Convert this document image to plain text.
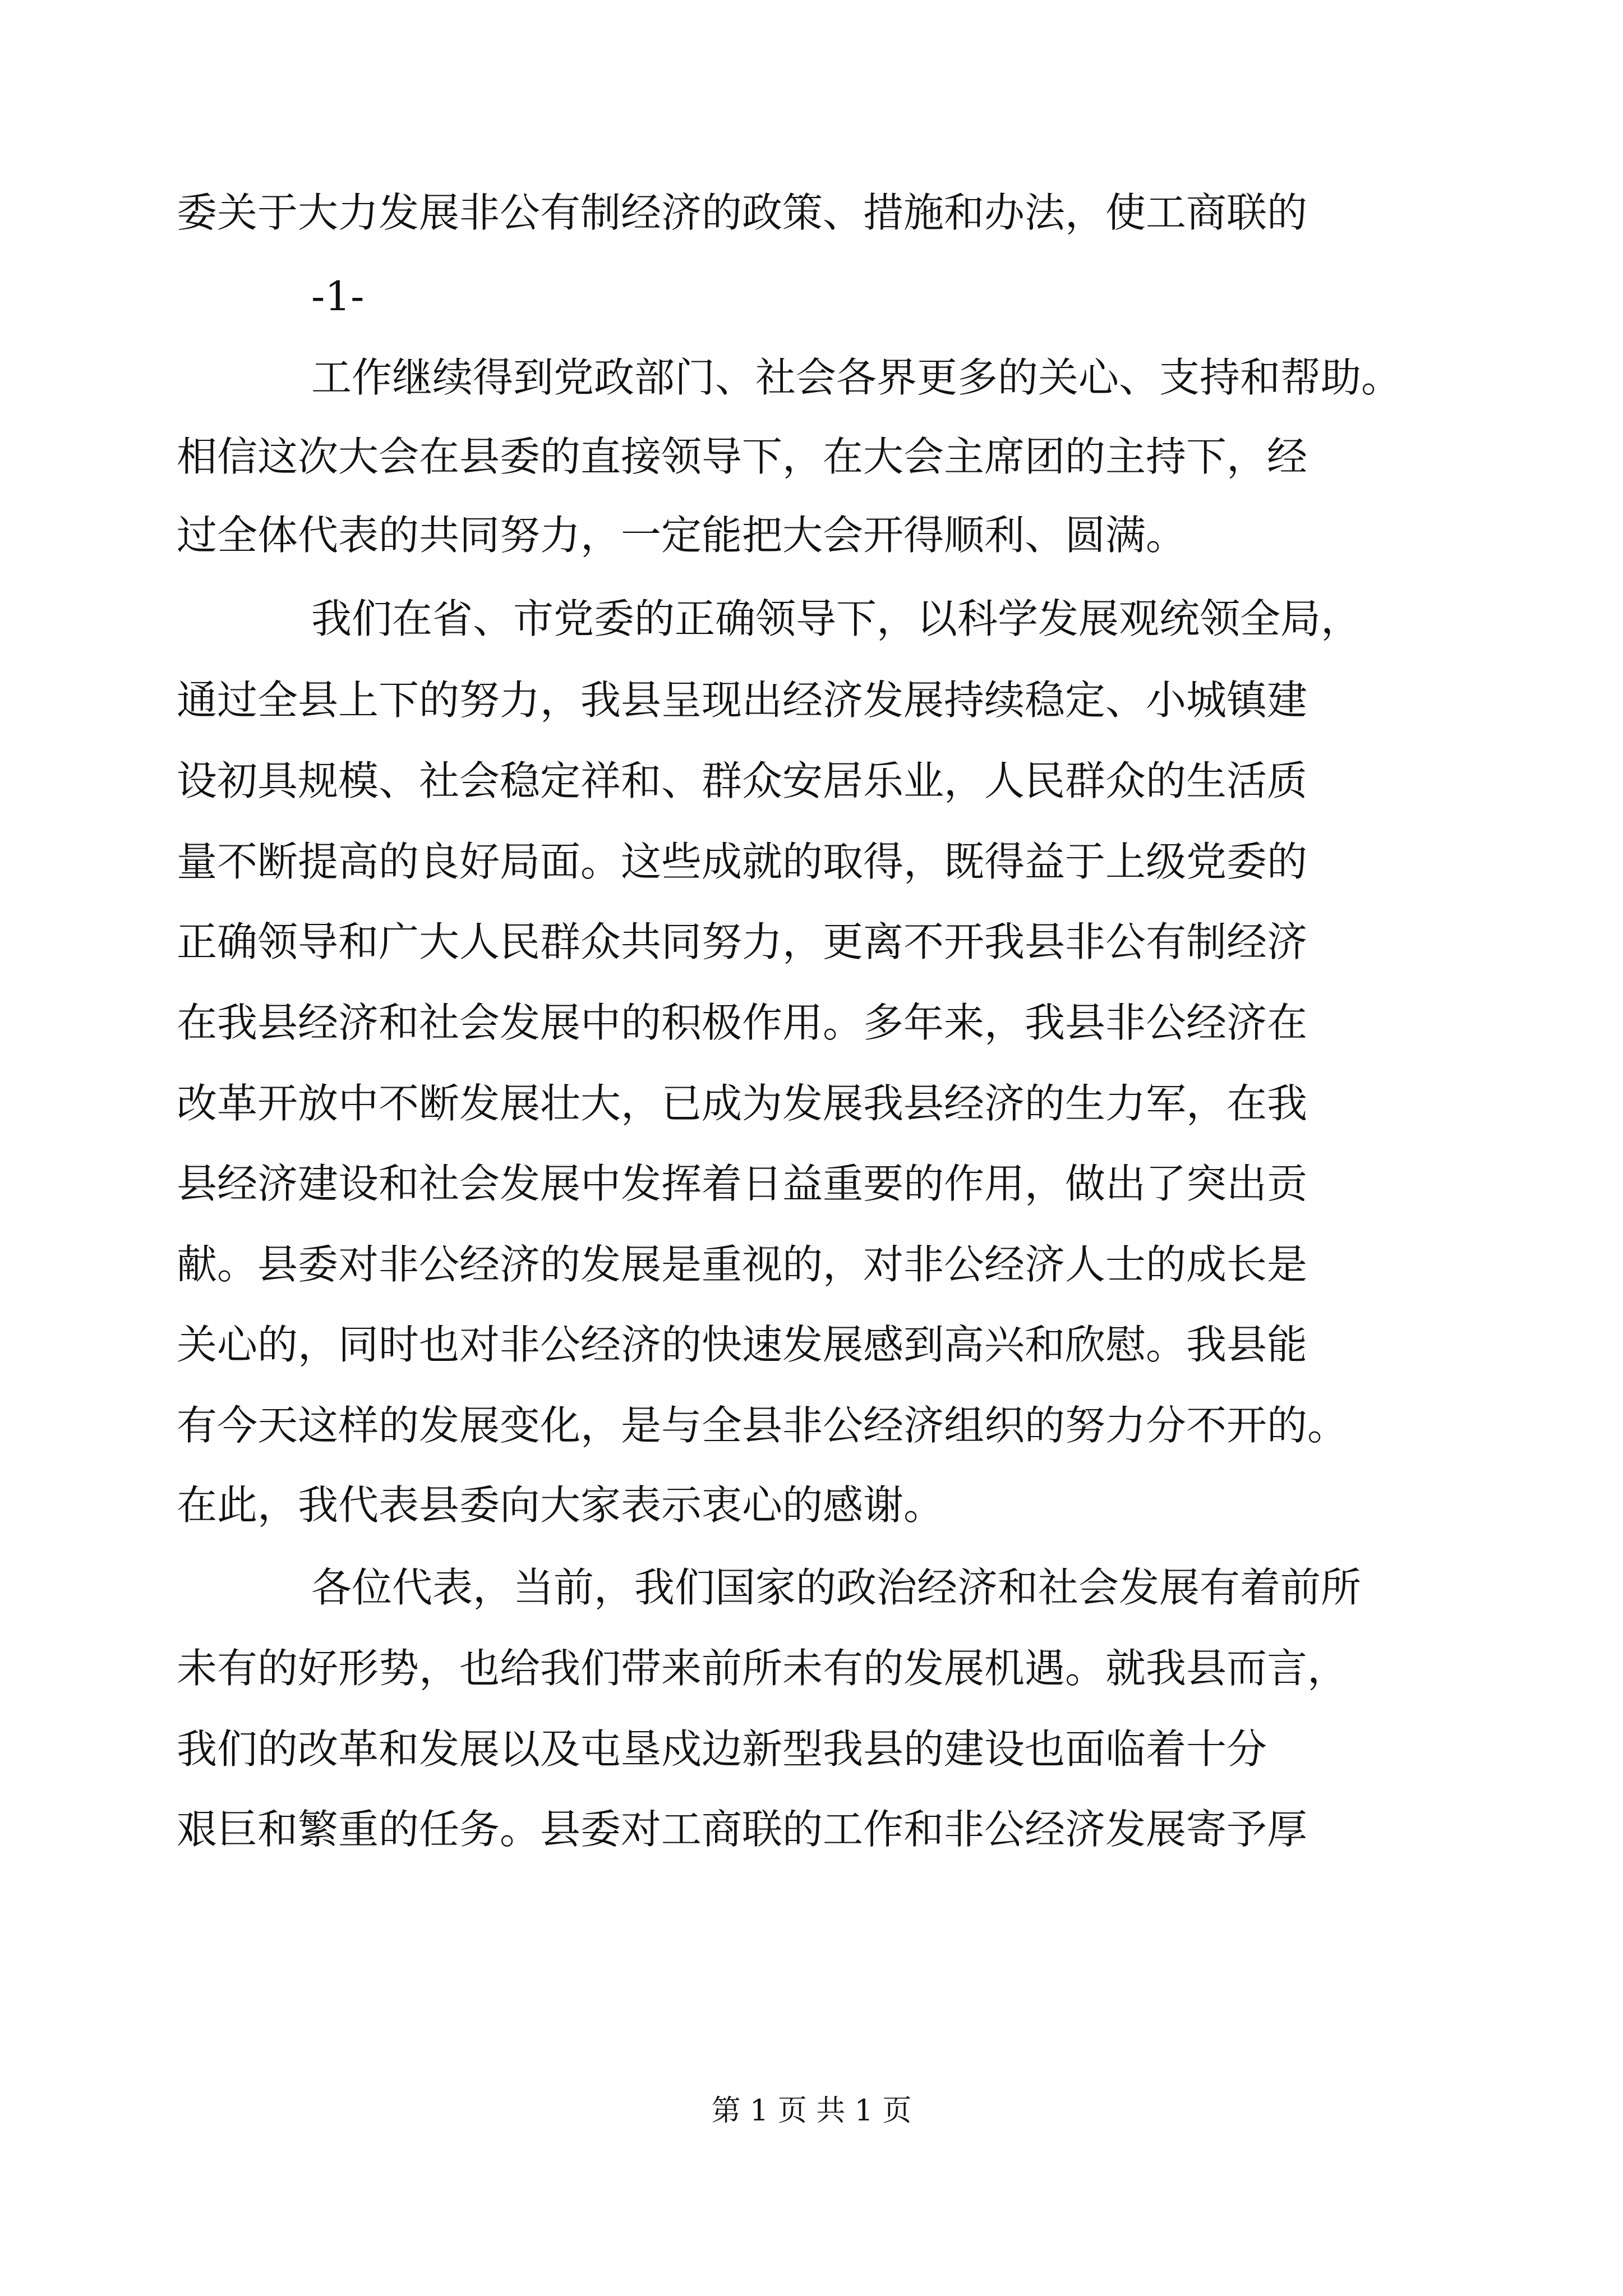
委关于大力发展非公有制经济的政策、措施和办法，使工商联的
-1-
工作继续得到党政部门、社会各界更多的关心、支持和帮助。
相信这次大会在县委的直接领导下，在大会主席团的主持下，经
过全体代表的共同努力，一定能把大会开得顺利、圆满。
我们在省、市党委的正确领导下，以科学发展观统领全局，
通过全县上下的努力，我县呈现出经济发展持续稳定、小城镇建
设初具规模、社会稳定祥和、群众安居乐业，人民群众的生活质
量不断提高的良好局面。这些成就的取得，既得益于上级党委的
正确领导和广大人民群众共同努力，更离不开我县非公有制经济
在我县经济和社会发展中的积极作用。多年来，我县非公经济在
改革开放中不断发展壮大，已成为发展我县经济的生力军，在我
县经济建设和社会发展中发挥着日益重要的作用，做出了突出贡
献。县委对非公经济的发展是重视的，对非公经济人士的成长是
关心的，同时也对非公经济的快速发展感到高兴和欣慰。我县能
有今天这样的发展变化，是与全县非公经济组织的努力分不开的。
在此，我代表县委向大家表示衷心的感谢。
各位代表，当前，我们国家的政治经济和社会发展有着前所
未有的好形势，也给我们带来前所未有的发展机遇。就我县而言，
我们的改革和发展以及屯垦戍边新型我县的建设也面临着十分
艰巨和繁重的任务。县委对工商联的工作和非公经济发展寄予厚
第 1 页 共 1 页
